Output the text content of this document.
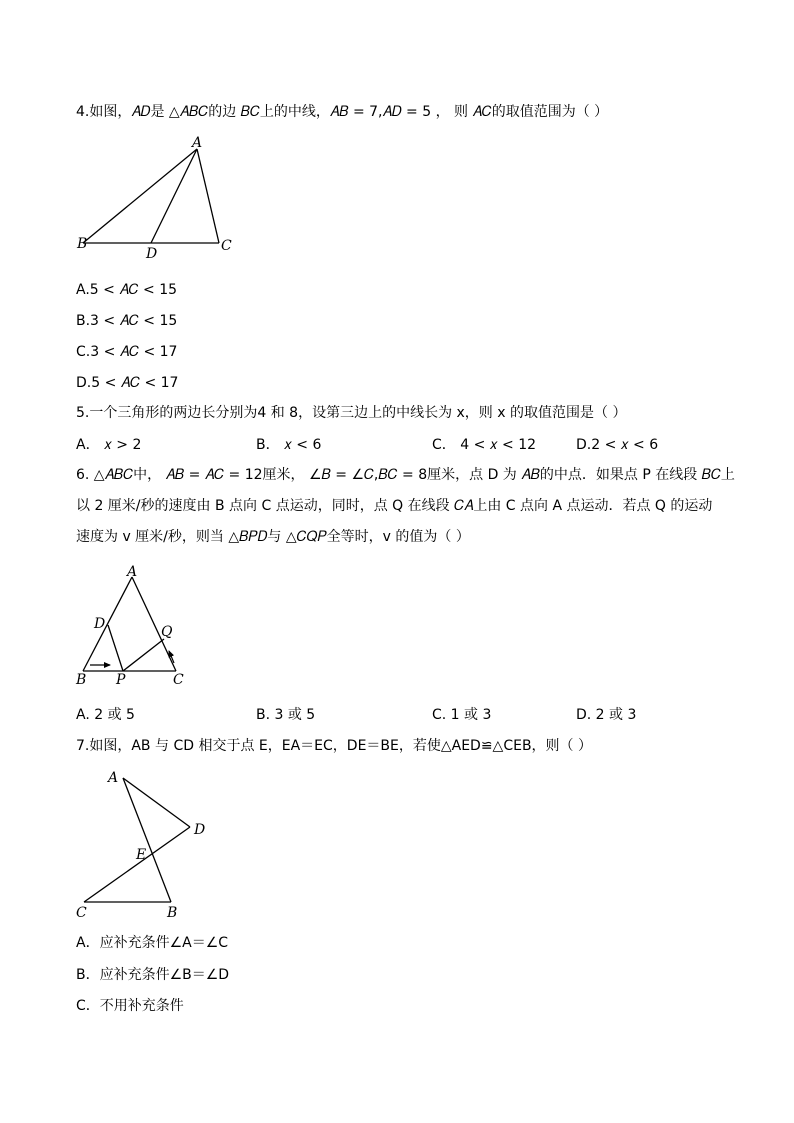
4.如图，𝐴𝐷是 △𝐴𝐵𝐶的边 𝐵𝐶上的中线，𝐴𝐵 = 7,𝐴𝐷 = 5 ， 则 𝐴𝐶的取值范围为（ ）
A
B	C
D
A.5 < 𝐴𝐶 < 15
B.3 < 𝐴𝐶 < 15
C.3 < 𝐴𝐶 < 17
D.5 < 𝐴𝐶 < 17
5.一个三角形的两边长分别为4 和 8，设第三边上的中线长为 x，则 x 的取值范围是（ ）
A． 𝑥 > 2	B． 𝑥 < 6	C． 4 < 𝑥 < 12	D.2 < 𝑥 < 6
6. △𝐴𝐵𝐶中， 𝐴𝐵 = 𝐴𝐶 = 12厘米， ∠𝐵 = ∠𝐶,𝐵𝐶 = 8厘米，点 D 为 𝐴𝐵的中点．如果点 P 在线段 𝐵𝐶上
以 2 厘米/秒的速度由 B 点向 C 点运动，同时，点 Q 在线段 𝐶𝐴上由 C 点向 A 点运动．若点 Q 的运动
速度为 v 厘米/秒，则当 △𝐵𝑃𝐷与 △𝐶𝑄𝑃全等时，v 的值为（ ）
A
D	Q
B P	C
A. 2 或 5	B. 3 或 5	C. 1 或 3	D. 2 或 3
7.如图，AB 与 CD 相交于点 E，EA＝EC，DE＝BE，若使△AED≌△CEB，则（ ）
A
D
E
C	B
A．应补充条件∠A＝∠C
B．应补充条件∠B＝∠D
C．不用补充条件
